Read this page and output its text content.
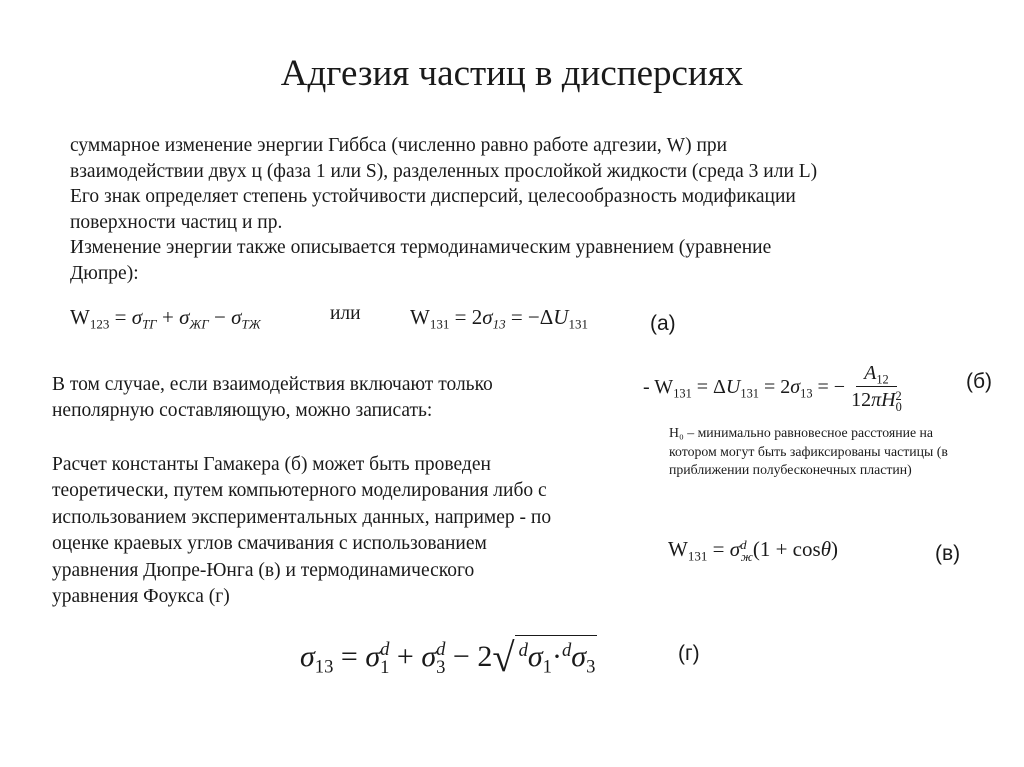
Адгезия частиц в дисперсиях
суммарное изменение энергии Гиббса (численно равно работе адгезии, W) при
взаимодействии двух ц (фаза 1 или S), разделенных прослойкой жидкости (среда 3 или L)
Его знак определяет степень устойчивости дисперсий, целесообразность модификации
поверхности частиц и пр.
Изменение энергии также описывается термодинамическим уравнением (уравнение
Дюпре):
$W_{123} = \sigma_{ТГ} + \sigma_{ЖГ} - \sigma_{ТЖ}$
или $W_{131} = 2\sigma_{13} = -\Delta U_{131}$	(а)
В том случае, если взаимодействия включают только
неполярную составляющую, можно записать:
- $W_{131} = \Delta U_{131} = 2\sigma_{13}$ = − $\frac{A_{12}}{12\pi H^2_0}$	(б)
H₀ – минимально равновесное расстояние на
котором могут быть зафиксированы частицы (в
приближении полубесконечных пластин)
Расчет константы Гамакера (б) может быть проведен
теоретически, путем компьютерного моделирования либо с
использованием экспериментальных данных, например - по
оценке краевых углов смачивания с использованием
уравнения Дюпре-Юнга (в) и термодинамического
уравнения Фоукса (г)
$W_{131} = \sigma^d_ж(1 + \cos\theta)$	(в)
$\sigma_{13} = \sigma^d_1 + \sigma^d_3 - 2√$ $^d\sigma_1\cdot^d\sigma_3$
(г)
